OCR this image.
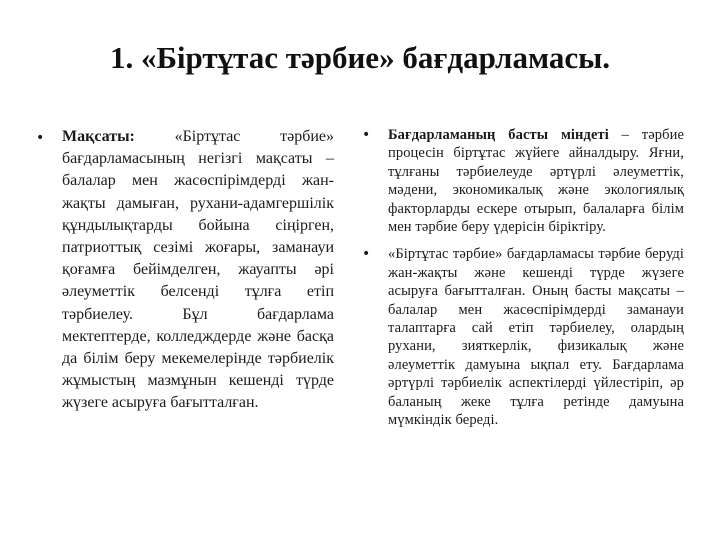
1. «Біртұтас тәрбие» бағдарламасы.

• Мақсаты: «Біртұтас тәрбие» бағдарламасының негізгі мақсаты – балалар мен жасөспірімдерді жан-жақты дамыған, рухани-адамгершілік құндылықтарды бойына сіңірген, патриоттық сезімі жоғары, заманауи қоғамға бейімделген, жауапты әрі әлеуметтік белсенді тұлға етіп тәрбиелеу. Бұл бағдарлама мектептерде, колледждерде және басқа да білім беру мекемелерінде тәрбиелік жұмыстың мазмұнын кешенді түрде жүзеге асыруға бағытталған.

• Бағдарламаның басты міндеті – тәрбие процесін біртұтас жүйеге айналдыру. Яғни, тұлғаны тәрбиелеуде әртүрлі әлеуметтік, мәдени, экономикалық және экологиялық факторларды ескере отырып, балаларға білім мен тәрбие беру үдерісін біріктіру.

• «Біртұтас тәрбие» бағдарламасы тәрбие беруді жан-жақты және кешенді түрде жүзеге асыруға бағытталған. Оның басты мақсаты – балалар мен жасөспірімдерді заманауи талаптарға сай етіп тәрбиелеу, олардың рухани, зияткерлік, физикалық және әлеуметтік дамуына ықпал ету. Бағдарлама әртүрлі тәрбиелік аспектілерді үйлестіріп, әр баланың жеке тұлға ретінде дамуына мүмкіндік береді.
